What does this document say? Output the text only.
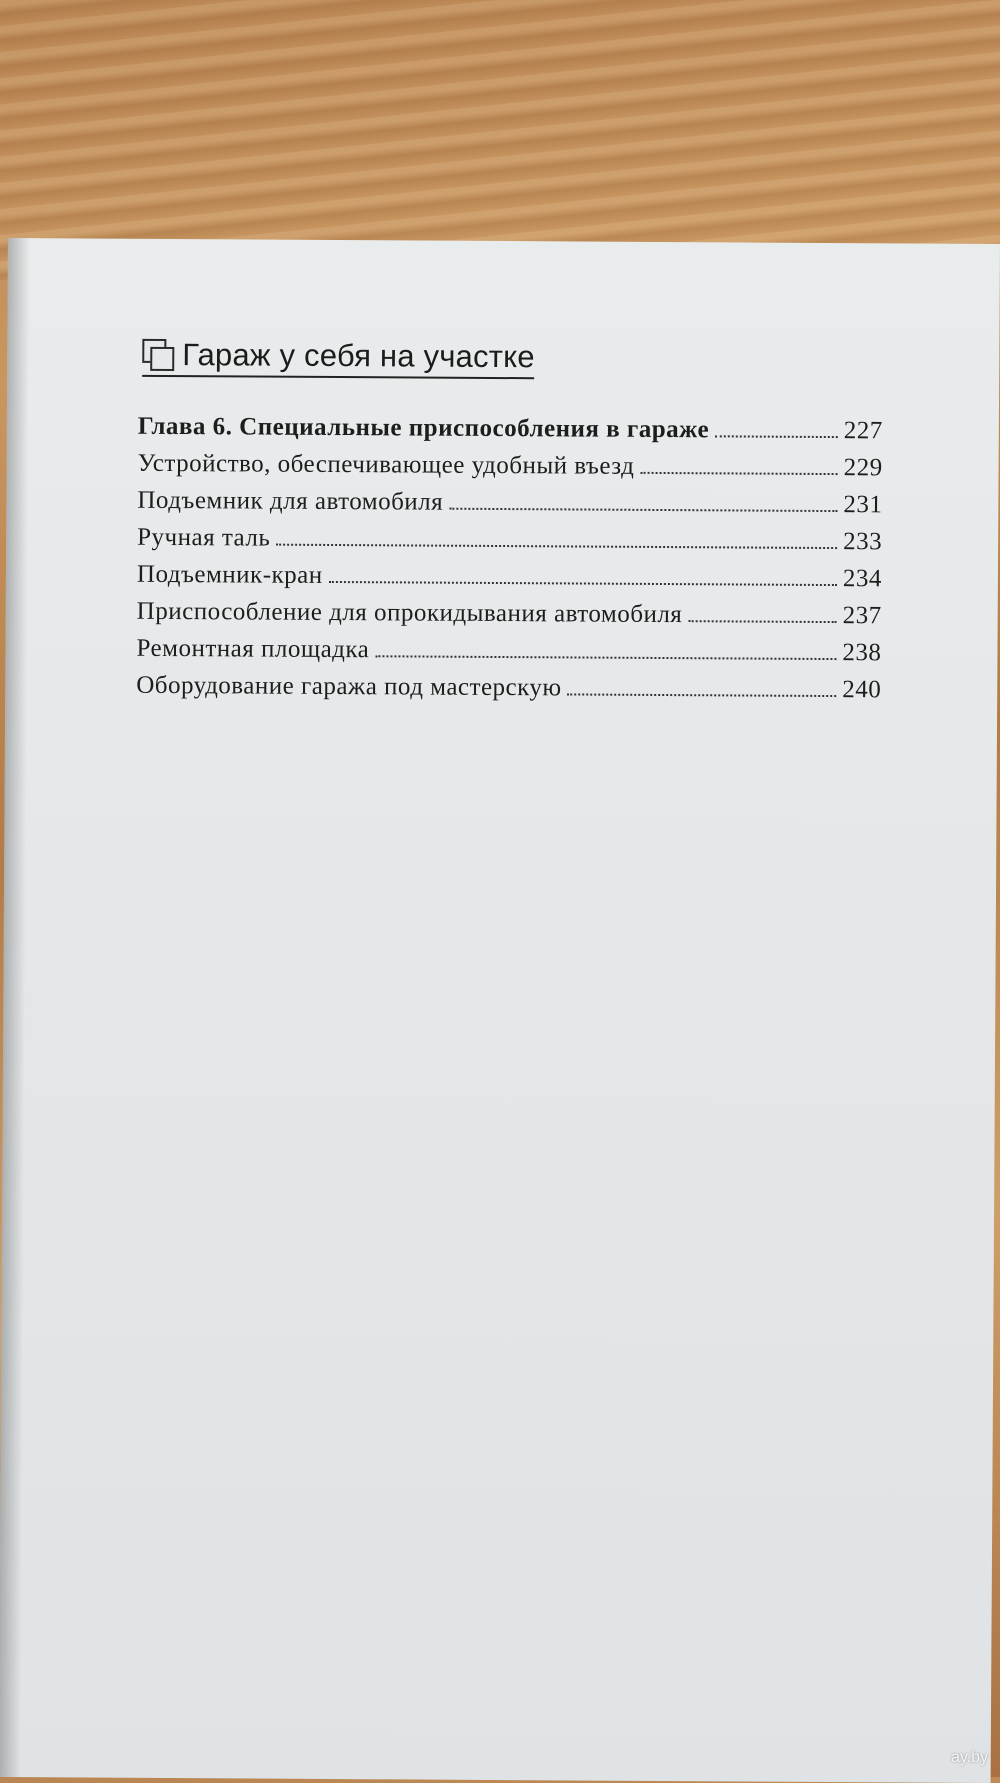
Гараж у себя на участке
Глава 6. Специальные приспособления в гараже	227
Устройство, обеспечивающее удобный въезд	229
Подъемник для автомобиля	231
Ручная таль	233
Подъемник-кран	234
Приспособление для опрокидывания автомобиля	237
Ремонтная площадка	238
Оборудование гаража под мастерскую	240
ay.by
